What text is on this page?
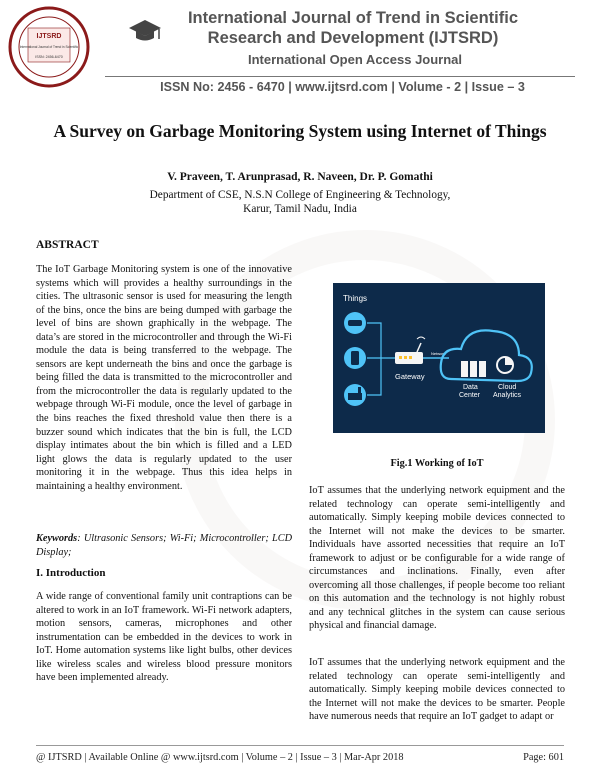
IJTSRD
International Journal of Trend in Scientific
ISSN: 2456-6470
International Journal of Trend in Scientific
Research and Development (IJTSRD)
International Open Access Journal
ISSN No: 2456 - 6470 | www.ijtsrd.com | Volume - 2 | Issue – 3
A Survey on Garbage Monitoring System using Internet of Things
V. Praveen, T. Arunprasad, R. Naveen, Dr. P. Gomathi
Department of CSE, N.S.N College of Engineering & Technology,
Karur, Tamil Nadu, India
ABSTRACT
The IoT Garbage Monitoring system is one of the innovative systems which will provides a healthy surroundings in the cities. The ultrasonic sensor is used for measuring the length of the bins, once the bins are being dumped with garbage the level of bins are shown graphically in the webpage. The data’s are stored in the microcontroller and through the Wi-Fi module the data is being transferred to the webpage. The sensors are kept underneath the bins and once the garbage is being filled the data is transmitted to the microcontroller and from the microcontroller the data is regularly updated to the webpage through Wi-Fi module, once the level of garbage in the bins reaches the fixed threshold value then there is a buzzer sound which indicates that the bin is full, the LCD display intimates about the bin which is filled and a LED light glows the data is regularly updated to the user monitoring it in the webpage. Thus this idea helps in maintaining a healthy environment.
Keywords: Ultrasonic Sensors; Wi-Fi; Microcontroller; LCD Display;
I. Introduction
A wide range of conventional family unit contraptions can be altered to work in an IoT framework. Wi-Fi network adapters, motion sensors, cameras, microphones and other instrumentation can be embedded in the devices to work in IoT. Home automation systems like light bulbs, other devices like wireless scales and wireless blood pressure monitors have been implemented already.
Things
Gateway
Network
Data Center
Cloud Analytics
Fig.1 Working of IoT
IoT assumes that the underlying network equipment and the related technology can operate semi-intelligently and automatically. Simply keeping mobile devices connected to the Internet will not make the devices to be smarter. Individuals have assorted necessities that require an IoT framework to adjust or be configurable for a wide range of circumstances and inclinations. Finally, even after overcoming all those challenges, if people become too reliant on this automation and the technology is not highly robust and any technical glitches in the system can cause serious physical and financial damage.
IoT assumes that the underlying network equipment and the related technology can operate semi-intelligently and automatically. Simply keeping mobile devices connected to the Internet will not make the devices to be smarter. People have numerous needs that require an IoT gadget to adapt or
@ IJTSRD | Available Online @ www.ijtsrd.com | Volume – 2 | Issue – 3 | Mar-Apr 2018	Page: 601
